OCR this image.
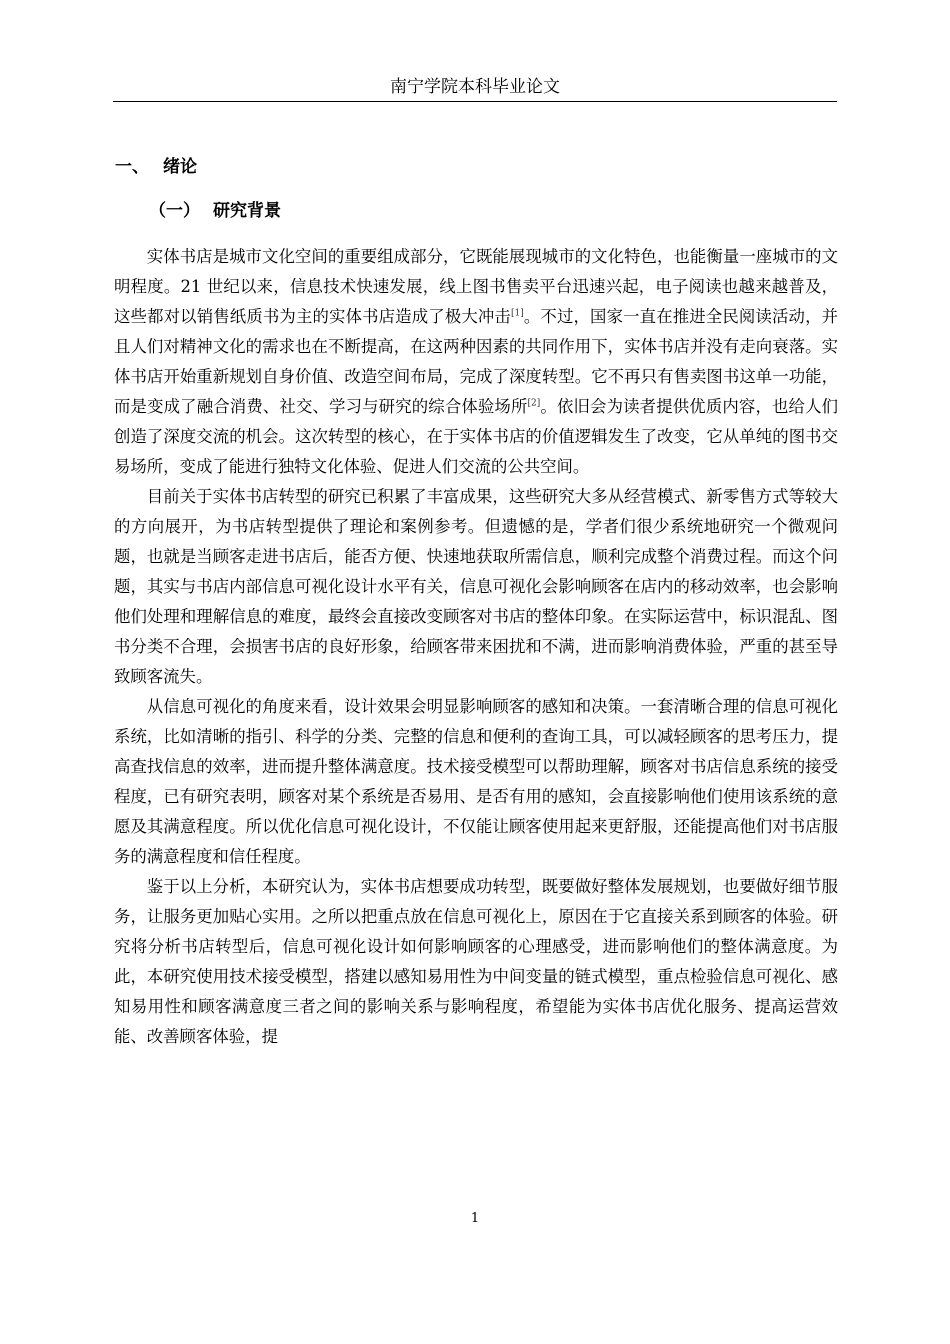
南宁学院本科毕业论文
一、 绪论
（一） 研究背景

实体书店是城市文化空间的重要组成部分，它既能展现城市的文化特色，也能衡量一座城市的文明程度。21 世纪以来，信息技术快速发展，线上图书售卖平台迅速兴起，电子阅读也越来越普及，这些都对以销售纸质书为主的实体书店造成了极大冲击[1]。不过，国家一直在推进全民阅读活动，并且人们对精神文化的需求也在不断提高，在这两种因素的共同作用下，实体书店并没有走向衰落。实体书店开始重新规划自身价值、改造空间布局，完成了深度转型。它不再只有售卖图书这单一功能，而是变成了融合消费、社交、学习与研究的综合体验场所[2]。依旧会为读者提供优质内容，也给人们创造了深度交流的机会。这次转型的核心，在于实体书店的价值逻辑发生了改变，它从单纯的图书交易场所，变成了能进行独特文化体验、促进人们交流的公共空间。

目前关于实体书店转型的研究已积累了丰富成果，这些研究大多从经营模式、新零售方式等较大的方向展开，为书店转型提供了理论和案例参考。但遗憾的是，学者们很少系统地研究一个微观问题，也就是当顾客走进书店后，能否方便、快速地获取所需信息，顺利完成整个消费过程。而这个问题，其实与书店内部信息可视化设计水平有关，信息可视化会影响顾客在店内的移动效率，也会影响他们处理和理解信息的难度，最终会直接改变顾客对书店的整体印象。在实际运营中，标识混乱、图书分类不合理，会损害书店的良好形象，给顾客带来困扰和不满，进而影响消费体验，严重的甚至导致顾客流失。

从信息可视化的角度来看，设计效果会明显影响顾客的感知和决策。一套清晰合理的信息可视化系统，比如清晰的指引、科学的分类、完整的信息和便利的查询工具，可以减轻顾客的思考压力，提高查找信息的效率，进而提升整体满意度。技术接受模型可以帮助理解，顾客对书店信息系统的接受程度，已有研究表明，顾客对某个系统是否易用、是否有用的感知，会直接影响他们使用该系统的意愿及其满意程度。所以优化信息可视化设计，不仅能让顾客使用起来更舒服，还能提高他们对书店服务的满意程度和信任程度。

鉴于以上分析，本研究认为，实体书店想要成功转型，既要做好整体发展规划，也要做好细节服务，让服务更加贴心实用。之所以把重点放在信息可视化上，原因在于它直接关系到顾客的体验。研究将分析书店转型后，信息可视化设计如何影响顾客的心理感受，进而影响他们的整体满意度。为此，本研究使用技术接受模型，搭建以感知易用性为中间变量的链式模型，重点检验信息可视化、感知易用性和顾客满意度三者之间的影响关系与影响程度，希望能为实体书店优化服务、提高运营效能、改善顾客体验，提

1
